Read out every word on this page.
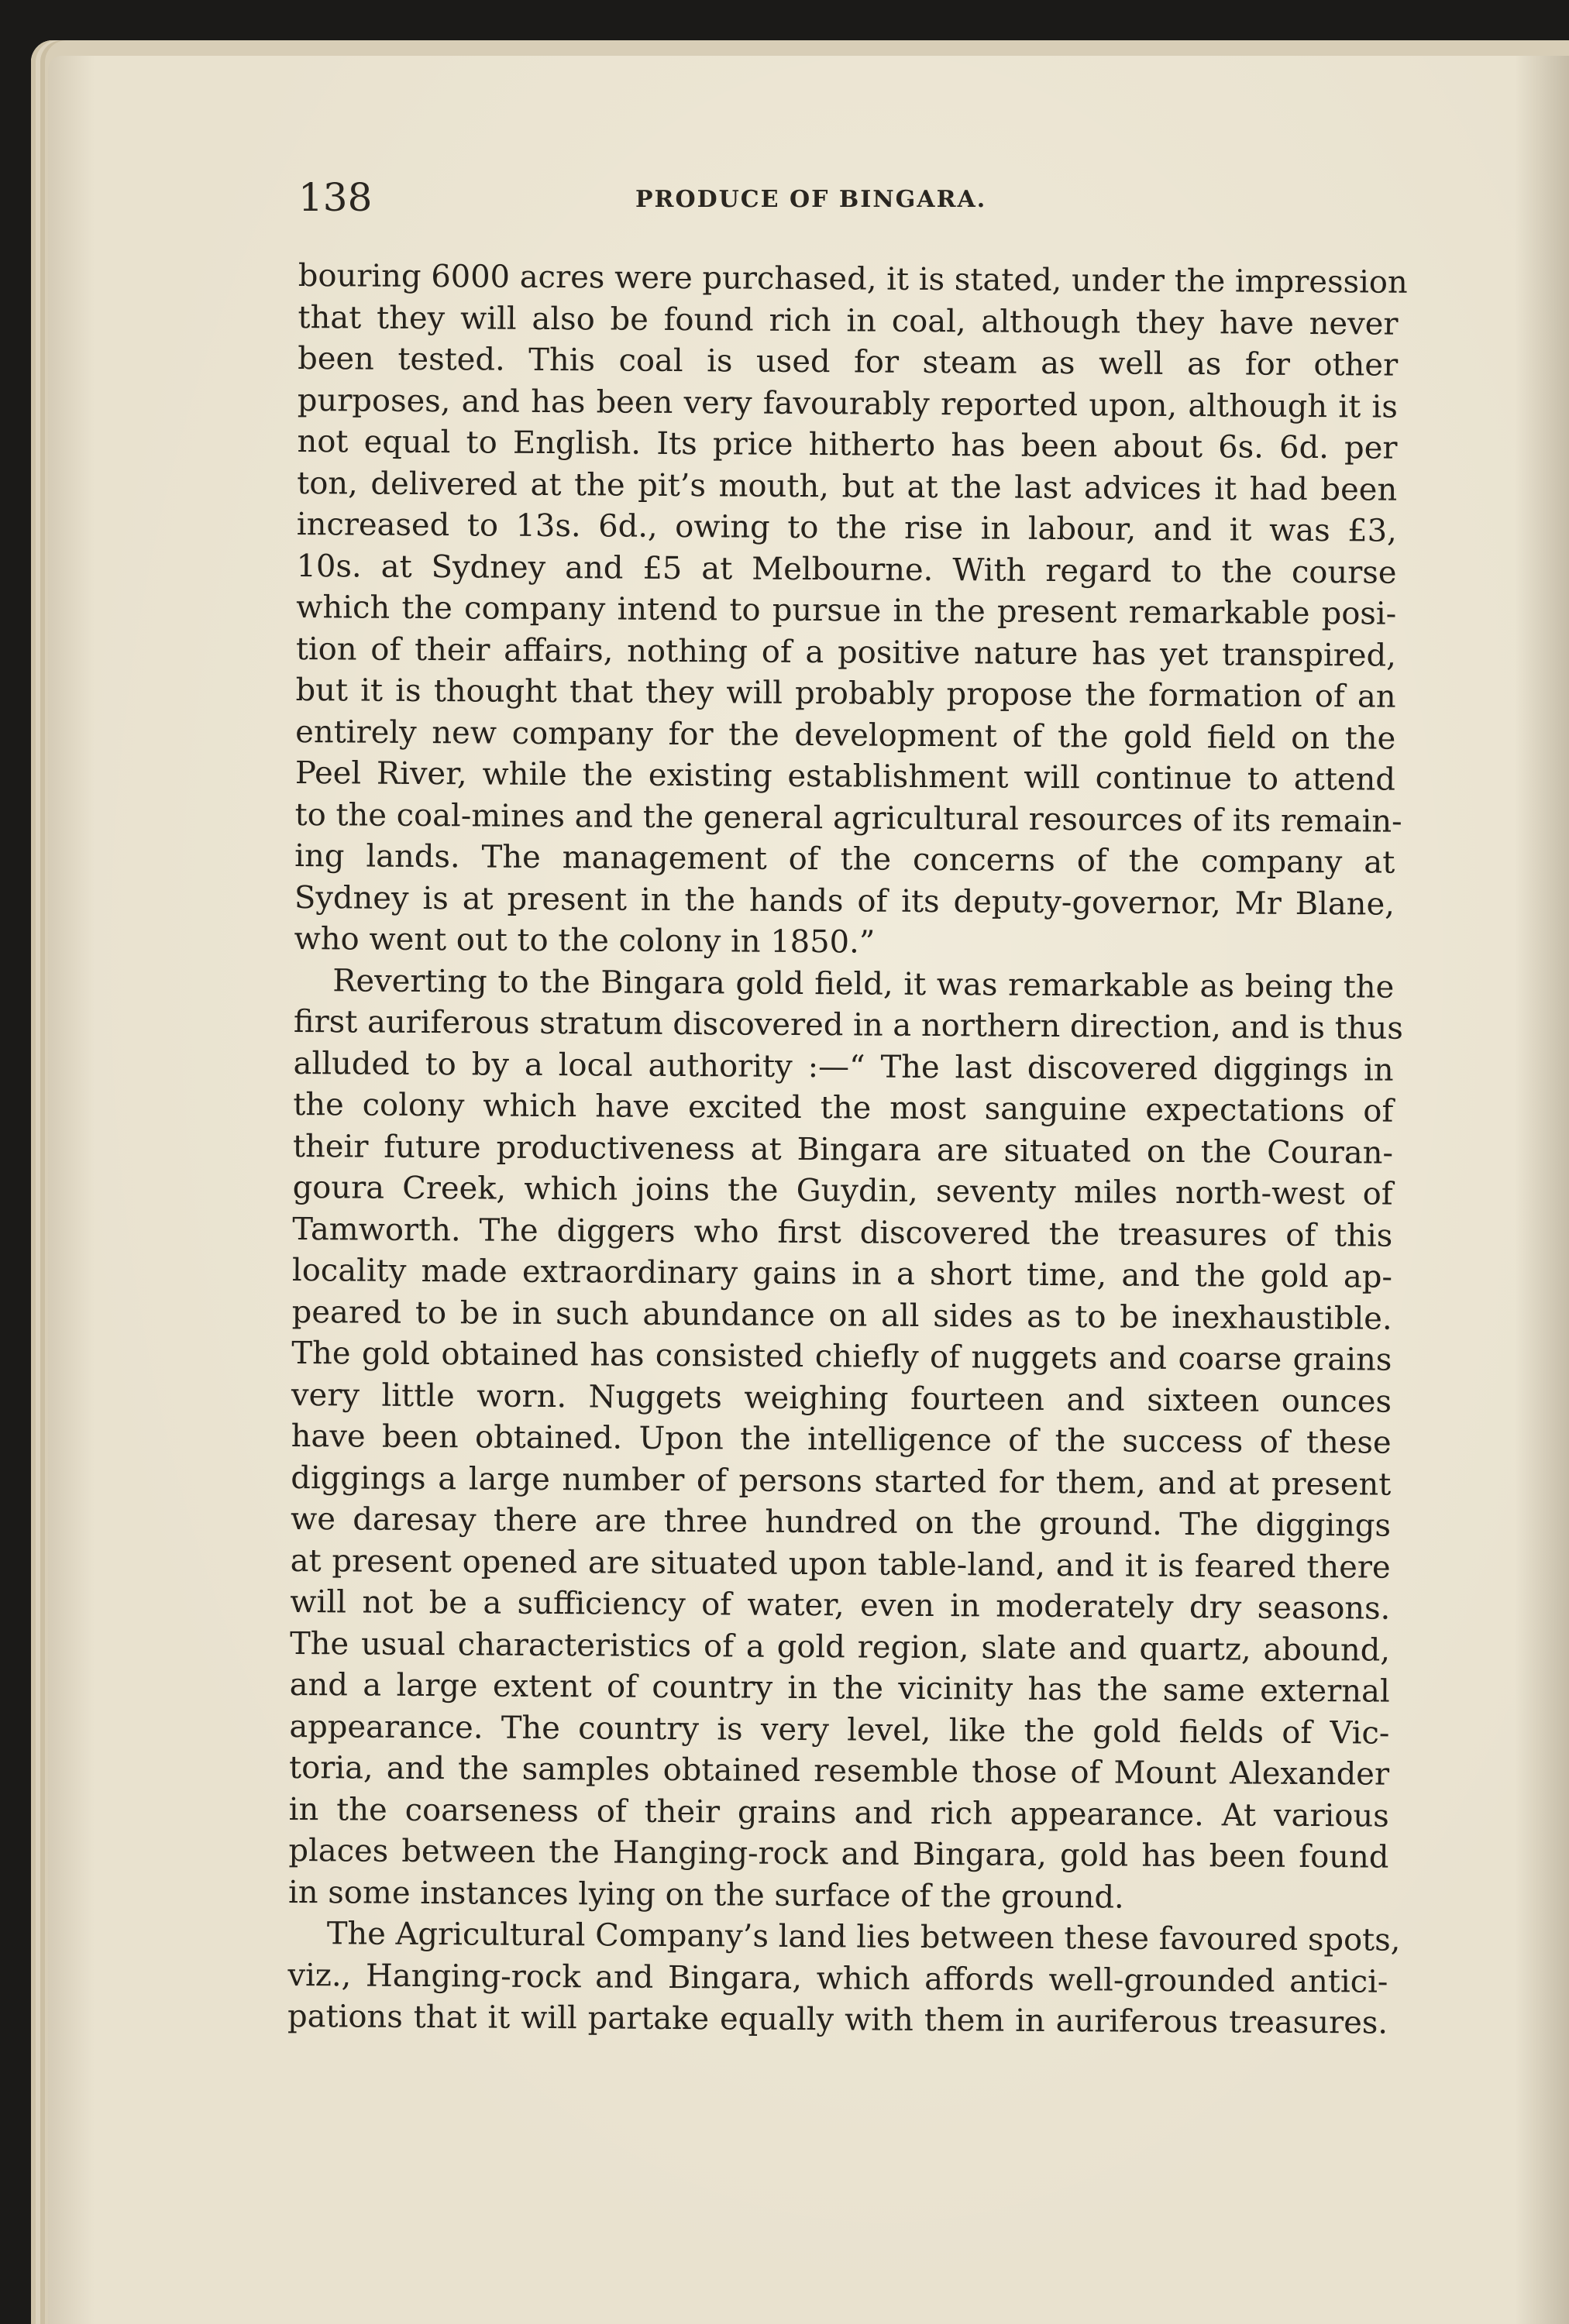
138	PRODUCE OF BINGARA.
bouring 6000 acres were purchased, it is stated, under the impression
that they will also be found rich in coal, although they have never
been tested. This coal is used for steam as well as for other
purposes, and has been very favourably reported upon, although it is
not equal to English. Its price hitherto has been about 6s. 6d. per
ton, delivered at the pit’s mouth, but at the last advices it had been
increased to 13s. 6d., owing to the rise in labour, and it was £3,
10s. at Sydney and £5 at Melbourne. With regard to the course
which the company intend to pursue in the present remarkable posi-
tion of their affairs, nothing of a positive nature has yet transpired,
but it is thought that they will probably propose the formation of an
entirely new company for the development of the gold field on the
Peel River, while the existing establishment will continue to attend
to the coal-mines and the general agricultural resources of its remain-
ing lands. The management of the concerns of the company at
Sydney is at present in the hands of its deputy-governor, Mr Blane,
who went out to the colony in 1850.”
Reverting to the Bingara gold field, it was remarkable as being the
first auriferous stratum discovered in a northern direction, and is thus
alluded to by a local authority :—“ The last discovered diggings in
the colony which have excited the most sanguine expectations of
their future productiveness at Bingara are situated on the Couran-
goura Creek, which joins the Guydin, seventy miles north-west of
Tamworth. The diggers who first discovered the treasures of this
locality made extraordinary gains in a short time, and the gold ap-
peared to be in such abundance on all sides as to be inexhaustible.
The gold obtained has consisted chiefly of nuggets and coarse grains
very little worn. Nuggets weighing fourteen and sixteen ounces
have been obtained. Upon the intelligence of the success of these
diggings a large number of persons started for them, and at present
we daresay there are three hundred on the ground. The diggings
at present opened are situated upon table-land, and it is feared there
will not be a sufficiency of water, even in moderately dry seasons.
The usual characteristics of a gold region, slate and quartz, abound,
and a large extent of country in the vicinity has the same external
appearance. The country is very level, like the gold fields of Vic-
toria, and the samples obtained resemble those of Mount Alexander
in the coarseness of their grains and rich appearance. At various
places between the Hanging-rock and Bingara, gold has been found
in some instances lying on the surface of the ground.
The Agricultural Company’s land lies between these favoured spots,
viz., Hanging-rock and Bingara, which affords well-grounded antici-
pations that it will partake equally with them in auriferous treasures.
